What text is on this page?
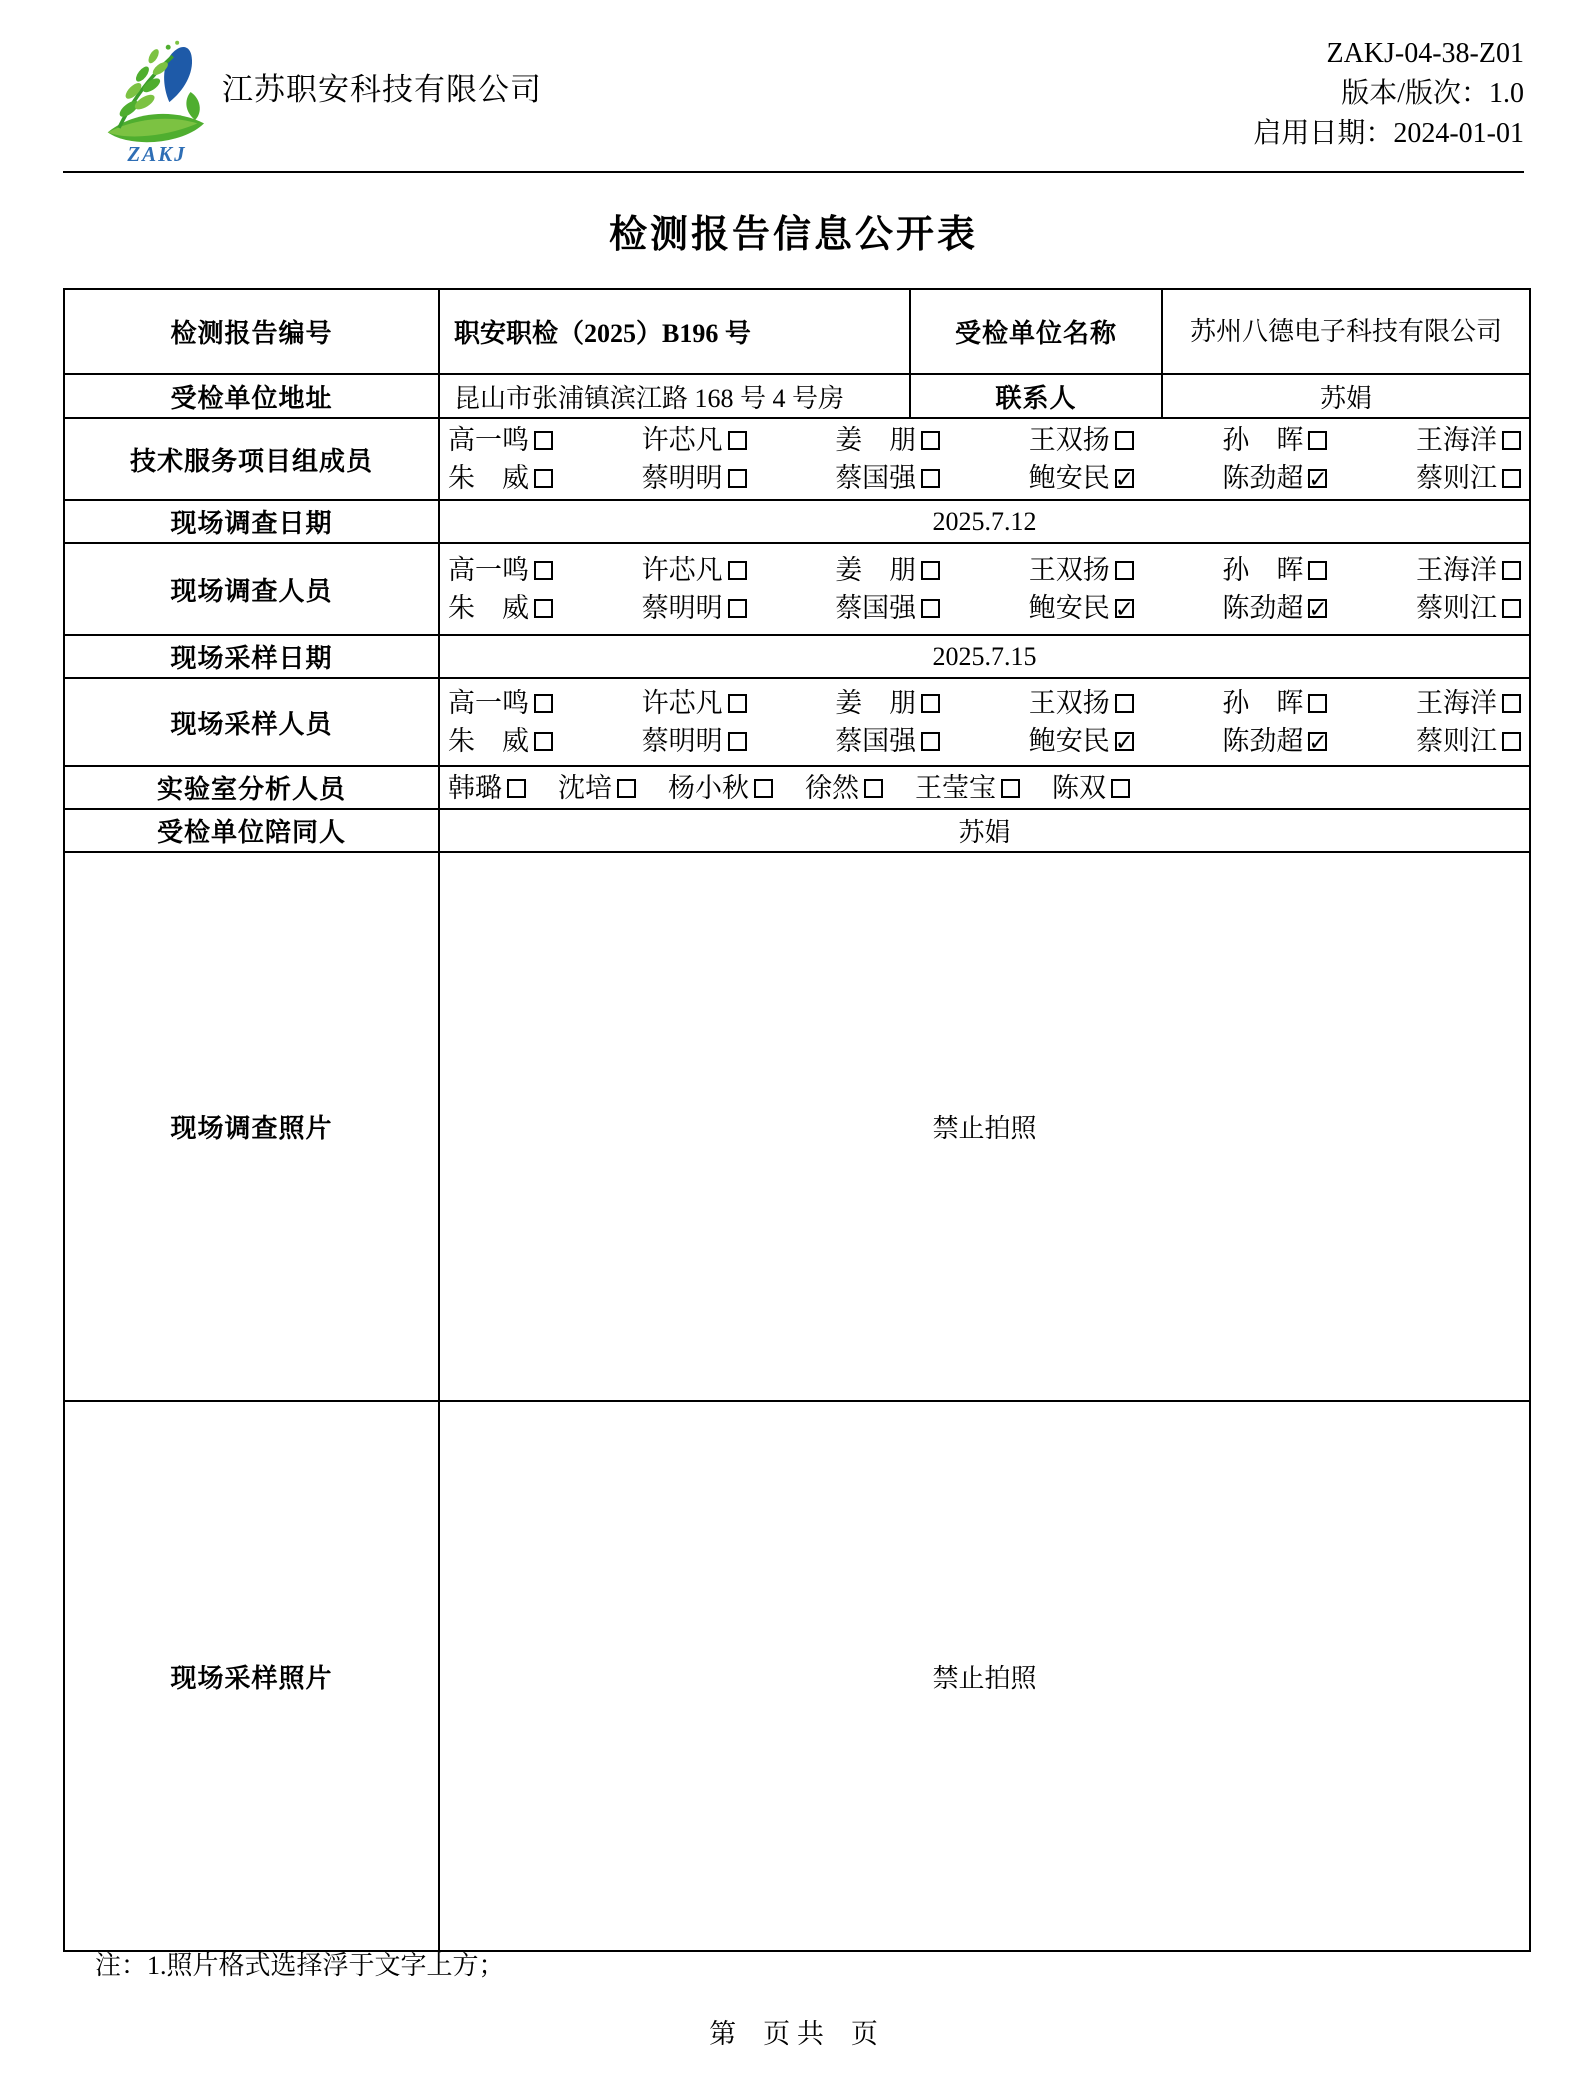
ZAKJ
江苏职安科技有限公司
ZAKJ-04-38-Z01
版本/版次：1.0
启用日期：2024-01-01
检测报告信息公开表
检测报告编号	职安职检（2025）B196 号	受检单位名称	苏州八德电子科技有限公司
受检单位地址	昆山市张浦镇滨江路 168 号 4 号房	联系人	苏娟
技术服务项目组成员	
高一鸣	许芯凡	姜　朋	王双扬	孙　晖	王海洋
朱　威	蔡明明	蔡国强	鲍安民 ✓	陈劲超 ✓	蔡则江

现场调查日期	2025.7.12		
现场调查人员	
高一鸣	许芯凡	姜　朋	王双扬	孙　晖	王海洋
朱　威	蔡明明	蔡国强	鲍安民 ✓	陈劲超 ✓	蔡则江

现场采样日期	2025.7.15		
现场采样人员	
高一鸣	许芯凡	姜　朋	王双扬	孙　晖	王海洋
朱　威	蔡明明	蔡国强	鲍安民 ✓	陈劲超 ✓	蔡则江

实验室分析人员	韩璐	沈培	杨小秋	徐然	王莹宝	陈双

受检单位陪同人	苏娟		
现场调查照片	禁止拍照		
现场采样照片	禁止拍照		
注：1.照片格式选择浮于文字上方；
第　页 共　页
